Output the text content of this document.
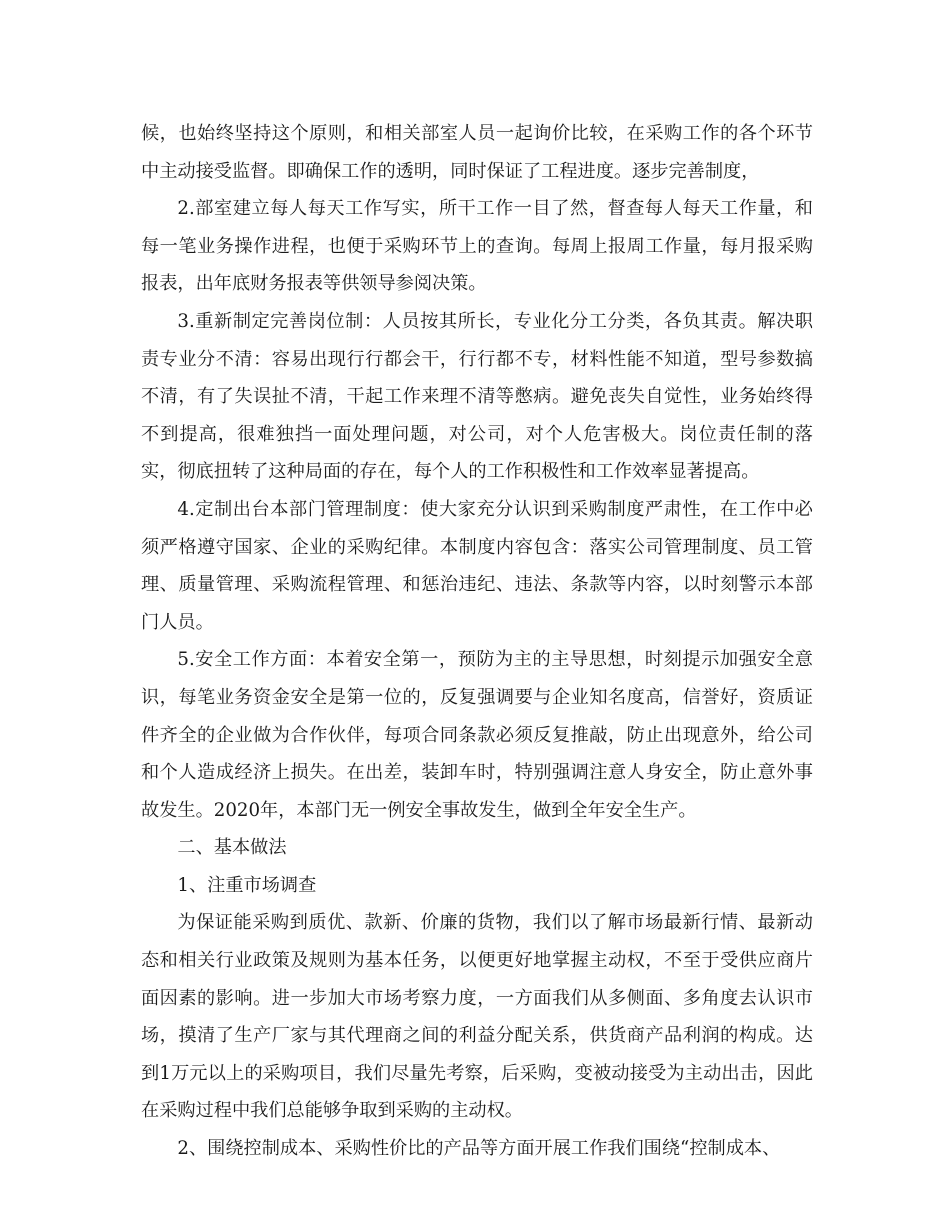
候，也始终坚持这个原则，和相关部室人员一起询价比较，在采购工作的各个环节中主动接受监督。即确保工作的透明，同时保证了工程进度。逐步完善制度，

2.部室建立每人每天工作写实，所干工作一目了然，督查每人每天工作量，和每一笔业务操作进程，也便于采购环节上的查询。每周上报周工作量，每月报采购报表，出年底财务报表等供领导参阅决策。

3.重新制定完善岗位制：人员按其所长，专业化分工分类，各负其责。解决职责专业分不清：容易出现行行都会干，行行都不专，材料性能不知道，型号参数搞不清，有了失误扯不清，干起工作来理不清等憋病。避免丧失自觉性，业务始终得不到提高，很难独挡一面处理问题，对公司，对个人危害极大。岗位责任制的落实，彻底扭转了这种局面的存在，每个人的工作积极性和工作效率显著提高。

4.定制出台本部门管理制度：使大家充分认识到采购制度严肃性，在工作中必须严格遵守国家、企业的采购纪律。本制度内容包含：落实公司管理制度、员工管理、质量管理、采购流程管理、和惩治违纪、违法、条款等内容，以时刻警示本部门人员。

5.安全工作方面：本着安全第一，预防为主的主导思想，时刻提示加强安全意识，每笔业务资金安全是第一位的，反复强调要与企业知名度高，信誉好，资质证件齐全的企业做为合作伙伴，每项合同条款必须反复推敲，防止出现意外，给公司和个人造成经济上损失。在出差，装卸车时，特别强调注意人身安全，防止意外事故发生。2020年，本部门无一例安全事故发生，做到全年安全生产。

二、基本做法

1、注重市场调查

为保证能采购到质优、款新、价廉的货物，我们以了解市场最新行情、最新动态和相关行业政策及规则为基本任务，以便更好地掌握主动权，不至于受供应商片面因素的影响。进一步加大市场考察力度，一方面我们从多侧面、多角度去认识市场，摸清了生产厂家与其代理商之间的利益分配关系，供货商产品利润的构成。达到1万元以上的采购项目，我们尽量先考察，后采购，变被动接受为主动出击，因此在采购过程中我们总能够争取到采购的主动权。

2、围绕控制成本、采购性价比的产品等方面开展工作我们围绕“控制成本、
